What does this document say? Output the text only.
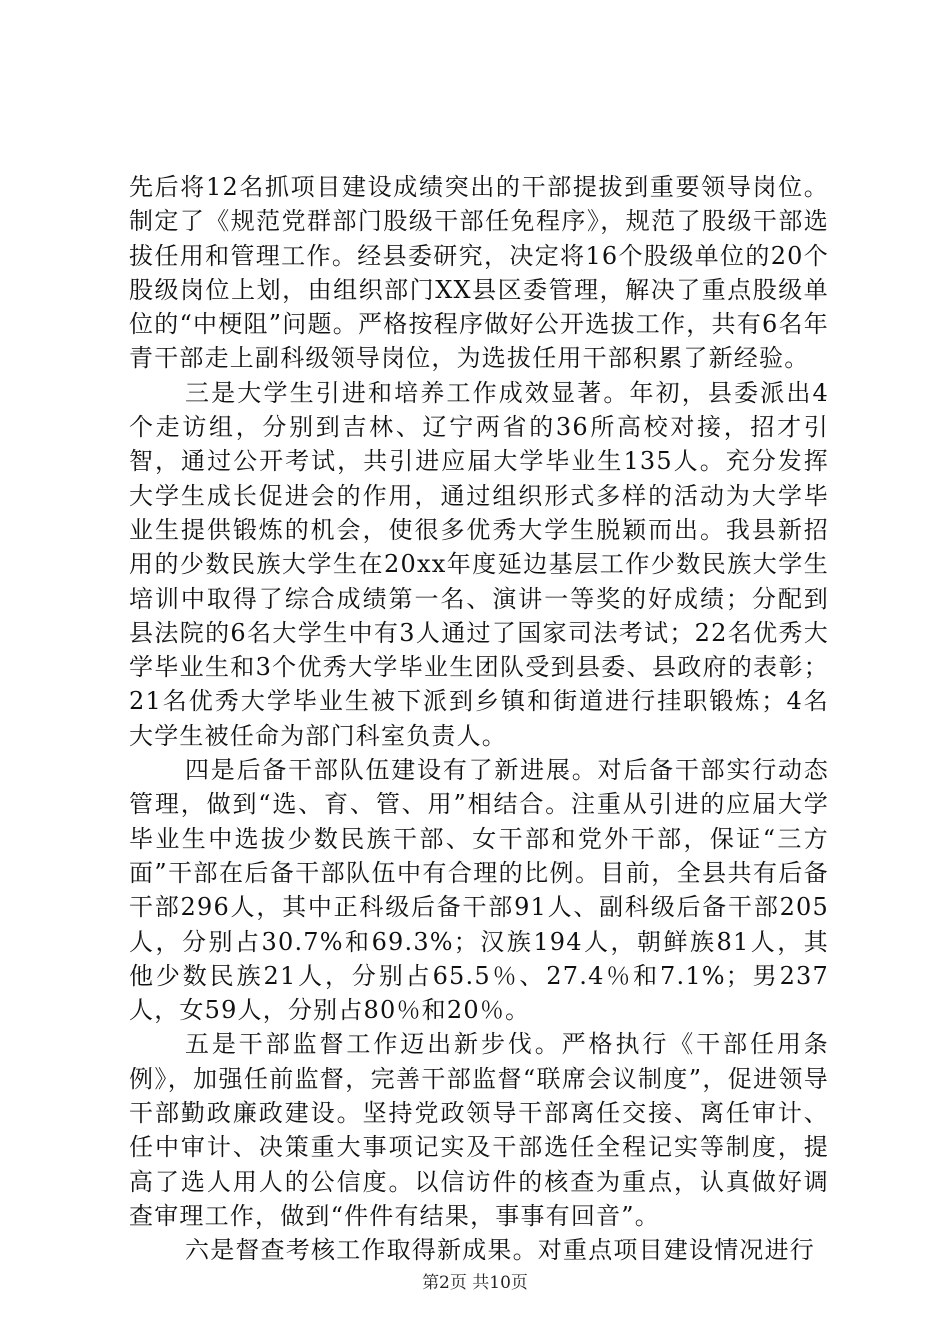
先后将12名抓项目建设成绩突出的干部提拔到重要领导岗位。制定了《规范党群部门股级干部任免程序》，规范了股级干部选拔任用和管理工作。经县委研究，决定将16个股级单位的20个股级岗位上划，由组织部门XX县区委管理，解决了重点股级单位的“中梗阻”问题。严格按程序做好公开选拔工作，共有6名年青干部走上副科级领导岗位，为选拔任用干部积累了新经验。

三是大学生引进和培养工作成效显著。年初，县委派出4个走访组，分别到吉林、辽宁两省的36所高校对接，招才引智，通过公开考试，共引进应届大学毕业生135人。充分发挥大学生成长促进会的作用，通过组织形式多样的活动为大学毕业生提供锻炼的机会，使很多优秀大学生脱颖而出。我县新招用的少数民族大学生在20xx年度延边基层工作少数民族大学生培训中取得了综合成绩第一名、演讲一等奖的好成绩；分配到县法院的6名大学生中有3人通过了国家司法考试；22名优秀大学毕业生和3个优秀大学毕业生团队受到县委、县政府的表彰；21名优秀大学毕业生被下派到乡镇和街道进行挂职锻炼；4名大学生被任命为部门科室负责人。

四是后备干部队伍建设有了新进展。对后备干部实行动态管理，做到“选、育、管、用”相结合。注重从引进的应届大学毕业生中选拔少数民族干部、女干部和党外干部，保证“三方面”干部在后备干部队伍中有合理的比例。目前，全县共有后备干部296人，其中正科级后备干部91人、副科级后备干部205人，分别占30.7%和69.3%；汉族194人，朝鲜族81人，其他少数民族21人，分别占65.5％、27.4％和7.1%；男237人，女59人，分别占80％和20％。

五是干部监督工作迈出新步伐。严格执行《干部任用条例》，加强任前监督，完善干部监督“联席会议制度”，促进领导干部勤政廉政建设。坚持党政领导干部离任交接、离任审计、任中审计、决策重大事项记实及干部选任全程记实等制度，提高了选人用人的公信度。以信访件的核查为重点，认真做好调查审理工作，做到“件件有结果，事事有回音”。

六是督查考核工作取得新成果。对重点项目建设情况进行

第2页 共10页
